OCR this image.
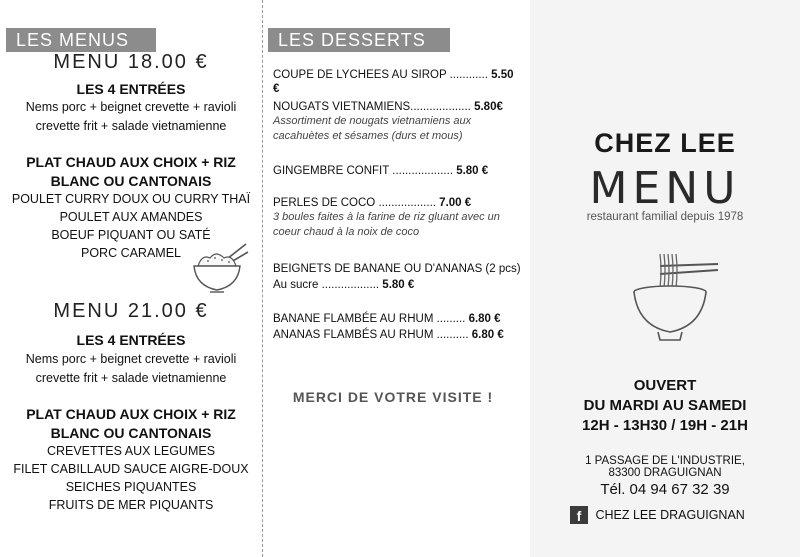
LES MENUS
MENU 18.00 €
LES 4 ENTRÉES
Nems porc + beignet crevette + ravioli
crevette frit + salade vietnamienne
PLAT CHAUD AUX CHOIX + RIZ
BLANC OU CANTONAIS
POULET CURRY DOUX OU CURRY THAÏ
POULET AUX AMANDES
BOEUF PIQUANT OU SATÉ
PORC CARAMEL
MENU 21.00 €
LES 4 ENTRÉES
Nems porc + beignet crevette + ravioli
crevette frit + salade vietnamienne
PLAT CHAUD AUX CHOIX + RIZ
BLANC OU CANTONAIS
CREVETTES AUX LEGUMES
FILET CABILLAUD SAUCE AIGRE-DOUX
SEICHES PIQUANTES
FRUITS DE MER PIQUANTS
LES DESSERTS
COUPE DE LYCHEES AU SIROP ............ 5.50 €
NOUGATS VIETNAMIENS................... 5.80€
Assortiment de nougats vietnamiens aux
cacahuètes et sésames (durs et mous)
GINGEMBRE CONFIT ................... 5.80 €
PERLES DE COCO .................. 7.00 €
3 boules faites à la farine de riz gluant avec un
coeur chaud à la noix de coco
BEIGNETS DE BANANE OU D'ANANAS (2 pcs)
Au sucre .................. 5.80 €
BANANE FLAMBÉE AU RHUM ......... 6.80 €
ANANAS FLAMBÉS AU RHUM .......... 6.80 €
MERCI DE VOTRE VISITE !
CHEZ LEE
MENU
restaurant familial depuis 1978
OUVERT
DU MARDI AU SAMEDI
12H - 13H30 / 19H - 21H
1 PASSAGE DE L'INDUSTRIE,
83300 DRAGUIGNAN
Tél. 04 94 67 32 39
f CHEZ LEE DRAGUIGNAN
